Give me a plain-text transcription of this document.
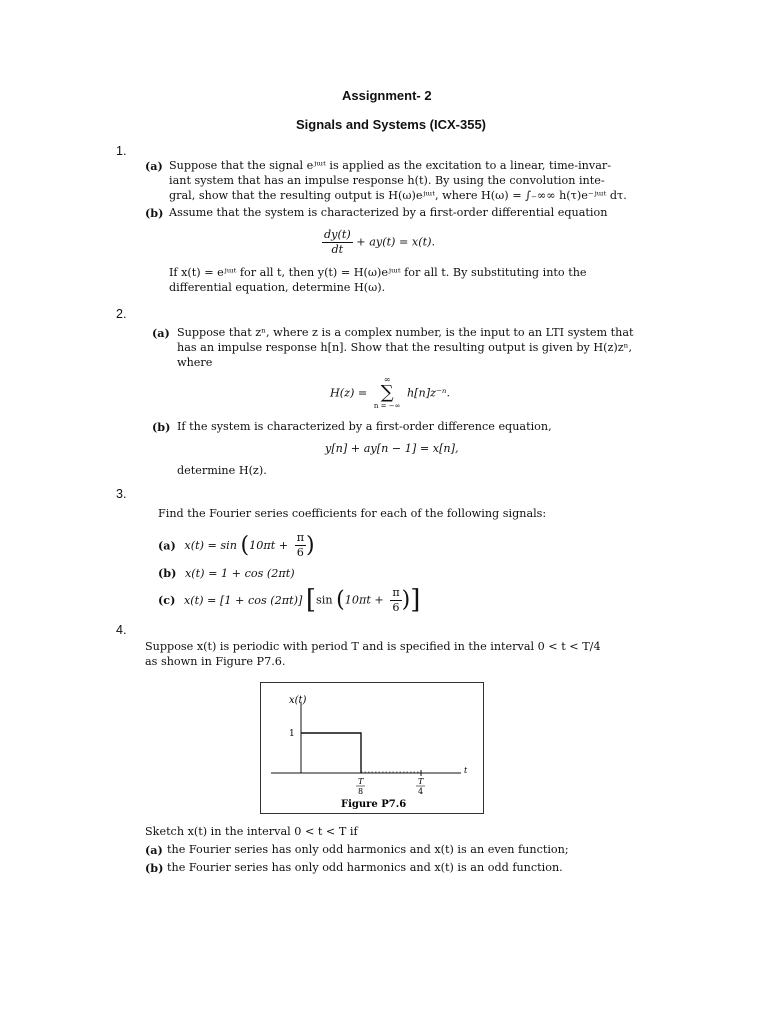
Assignment- 2
Signals and Systems (ICX-355)
1.
(a) Suppose that the signal eʲᵚᵗ is applied as the excitation to a linear, time-invar-
iant system that has an impulse response h(t). By using the convolution inte-
gral, show that the resulting output is H(ω)eʲᵚᵗ, where H(ω) = ∫₋∞∞ h(τ)e⁻ʲᵚᵗ dτ.
(b) Assume that the system is characterized by a first-order differential equation
$\frac{dy(t)}{dt} + ay(t) = x(t)$.
If x(t) = eʲᵚᵗ for all t, then y(t) = H(ω)eʲᵚᵗ for all t. By substituting into the
differential equation, determine H(ω).
2.
(a) Suppose that zⁿ, where z is a complex number, is the input to an LTI system that
has an impulse response h[n]. Show that the resulting output is given by H(z)zⁿ,
where
H(z) =
∞
∑
n = −∞
h[n]z⁻ⁿ.
(b) If the system is characterized by a first-order difference equation,
y[n] + ay[n − 1] = x[n],
determine H(z).
3.
Find the Fourier series coefficients for each of the following signals:
(a) $x(t) = \sin (10\pi t + \frac{\pi}{6}$ )
(b) x(t) = 1 + cos (2πt)
(c) x(t) = [1 + cos (2πt)] [sin ($10\pi t + \frac{\pi}{6}$ )]
4.
Suppose x(t) is periodic with period T and is specified in the interval 0 < t < T/4
as shown in Figure P7.6.
x(t)
1
t
T
8
T
4
Figure P7.6
Sketch x(t) in the interval 0 < t < T if
(a) the Fourier series has only odd harmonics and x(t) is an even function;
(b) the Fourier series has only odd harmonics and x(t) is an odd function.
